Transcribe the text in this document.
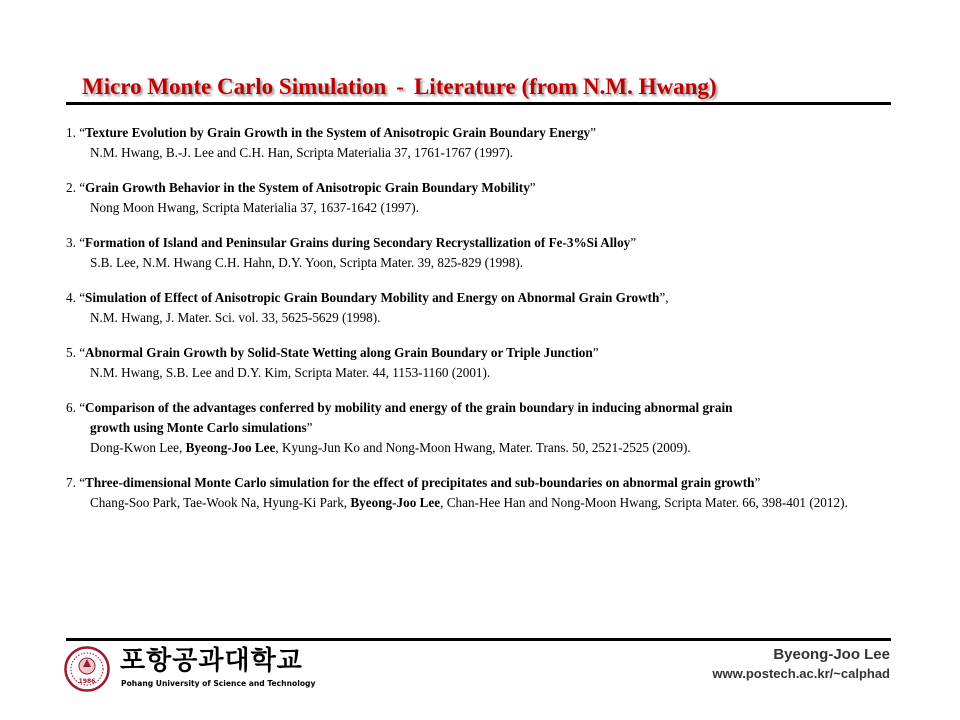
Micro Monte Carlo Simulation - Literature (from N.M. Hwang)
1. “Texture Evolution by Grain Growth in the System of Anisotropic Grain Boundary Energy”
N.M. Hwang, B.-J. Lee and C.H. Han, Scripta Materialia 37, 1761-1767 (1997).
2. “Grain Growth Behavior in the System of Anisotropic Grain Boundary Mobility”
Nong Moon Hwang, Scripta Materialia 37, 1637-1642 (1997).
3. “Formation of Island and Peninsular Grains during Secondary Recrystallization of Fe-3%Si Alloy”
S.B. Lee, N.M. Hwang C.H. Hahn, D.Y. Yoon, Scripta Mater. 39, 825-829 (1998).
4. “Simulation of Effect of Anisotropic Grain Boundary Mobility and Energy on Abnormal Grain Growth”,
N.M. Hwang, J. Mater. Sci. vol. 33, 5625-5629 (1998).
5. “Abnormal Grain Growth by Solid-State Wetting along Grain Boundary or Triple Junction”
N.M. Hwang, S.B. Lee and D.Y. Kim, Scripta Mater. 44, 1153-1160 (2001).
6. “Comparison of the advantages conferred by mobility and energy of the grain boundary in inducing abnormal grain
growth using Monte Carlo simulations”
Dong-Kwon Lee, Byeong-Joo Lee, Kyung-Jun Ko and Nong-Moon Hwang, Mater. Trans. 50, 2521-2525 (2009).
7. “Three-dimensional Monte Carlo simulation for the effect of precipitates and sub-boundaries on abnormal grain growth”
Chang-Soo Park, Tae-Wook Na, Hyung-Ki Park, Byeong-Joo Lee, Chan-Hee Han and Nong-Moon Hwang, Scripta Mater. 66, 398-401 (2012).
1986
포항공과대학교
Pohang University of Science and Technology
Byeong-Joo Lee
www.postech.ac.kr/~calphad
